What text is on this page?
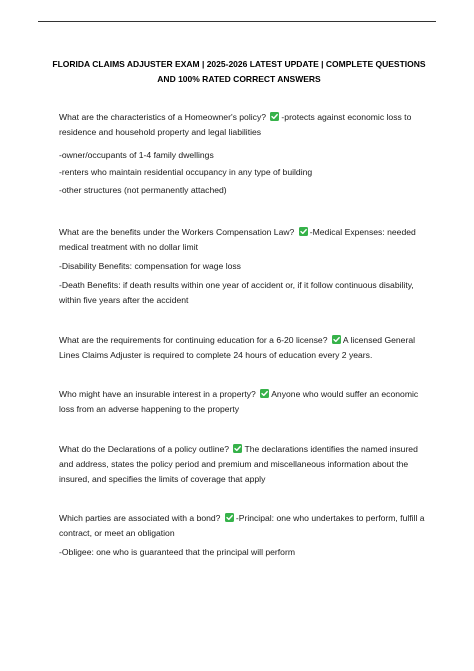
FLORIDA CLAIMS ADJUSTER EXAM | 2025-2026 LATEST UPDATE | COMPLETE QUESTIONS AND 100% RATED CORRECT ANSWERS
What are the characteristics of a Homeowner's policy? -protects against economic loss to residence and household property and legal liabilities
-owner/occupants of 1-4 family dwellings
-renters who maintain residential occupancy in any type of building
-other structures (not permanently attached)
What are the benefits under the Workers Compensation Law? -Medical Expenses: needed medical treatment with no dollar limit
-Disability Benefits: compensation for wage loss
-Death Benefits: if death results within one year of accident or, if it follow continuous disability, within five years after the accident
What are the requirements for continuing education for a 6-20 license? A licensed General Lines Claims Adjuster is required to complete 24 hours of education every 2 years.
Who might have an insurable interest in a property? Anyone who would suffer an economic loss from an adverse happening to the property
What do the Declarations of a policy outline? The declarations identifies the named insured and address, states the policy period and premium and miscellaneous information about the insured, and specifies the limits of coverage that apply
Which parties are associated with a bond? -Principal: one who undertakes to perform, fulfill a contract, or meet an obligation
-Obligee: one who is guaranteed that the principal will perform
